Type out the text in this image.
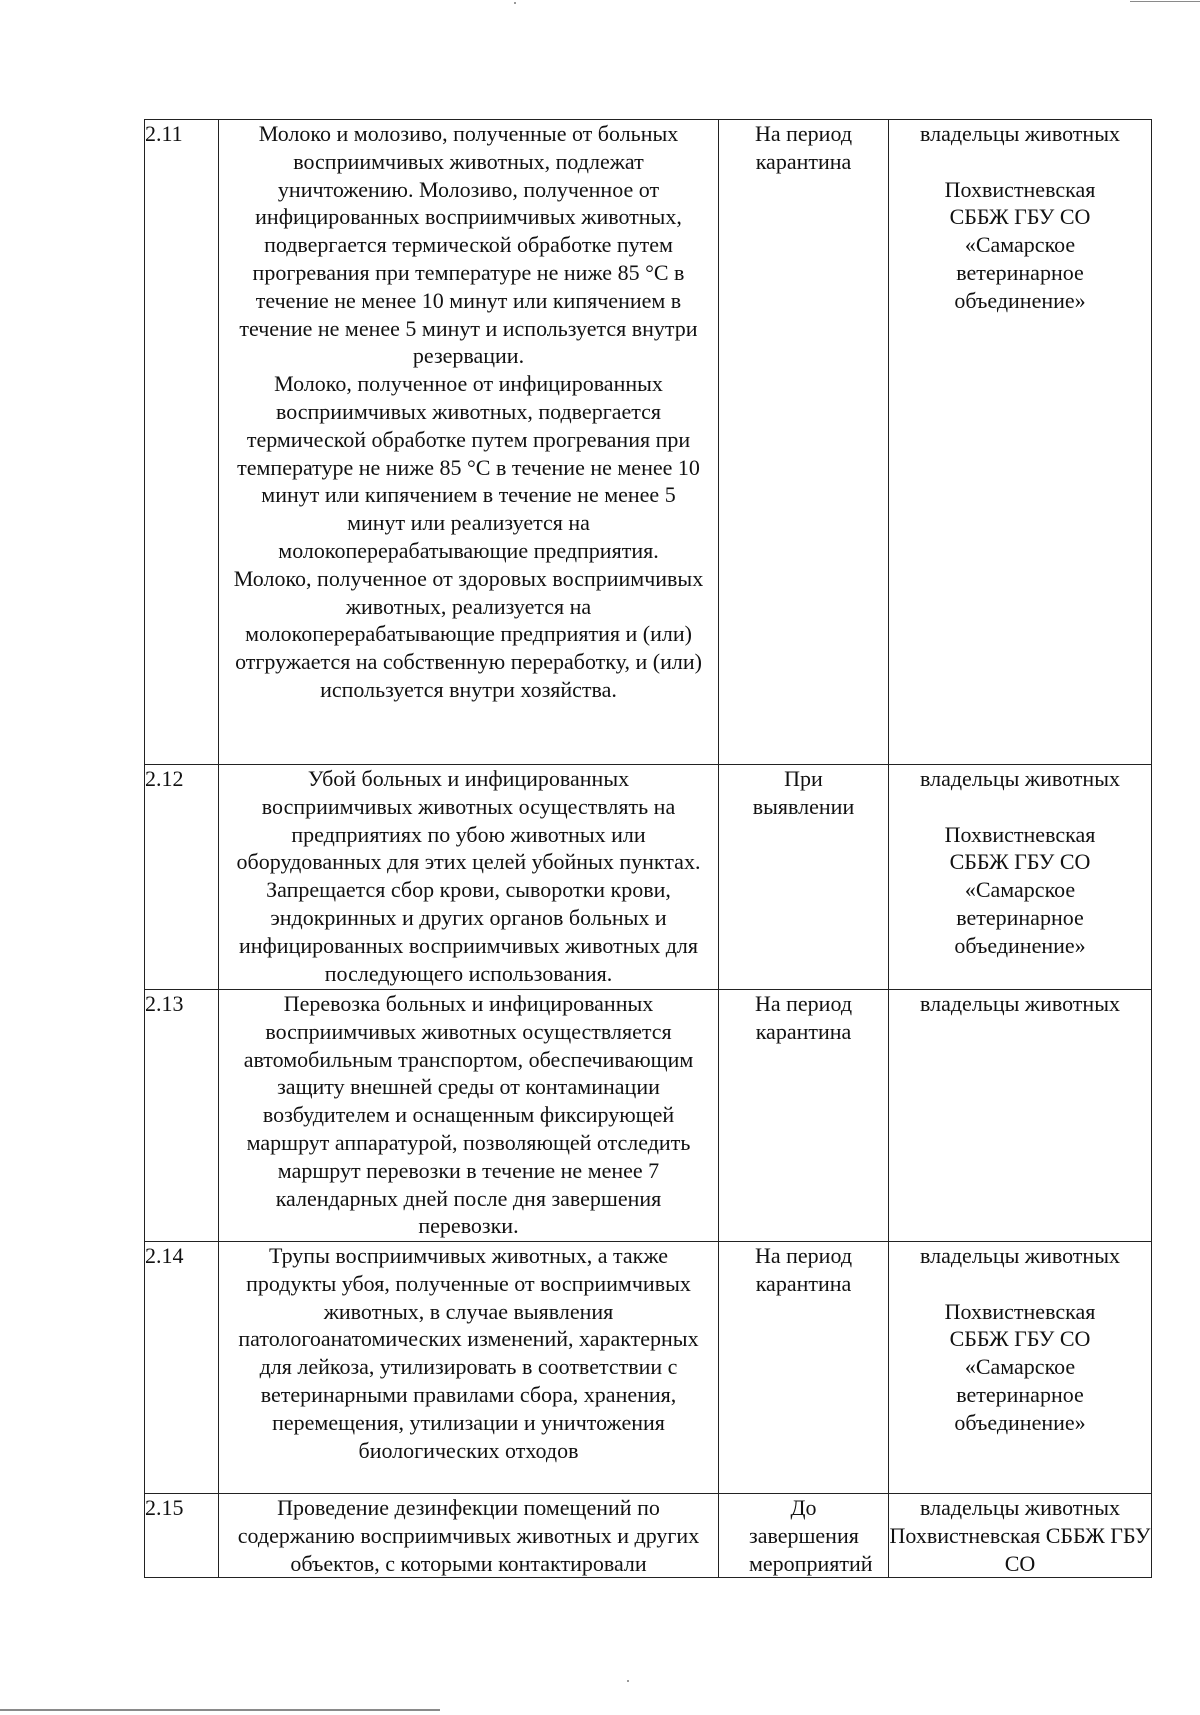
2.11	Молоко и молозиво, полученные от больных восприимчивых животных, подлежат уничтожению. Молозиво, полученное от инфицированных восприимчивых животных, подвергается термической обработке путем прогревания при температуре не ниже 85 °C в течение не менее 10 минут или кипячением в течение не менее 5 минут и используется внутри резервации.
Молоко, полученное от инфицированных восприимчивых животных, подвергается термической обработке путем прогревания при температуре не ниже 85 °C в течение не менее 10 минут или кипячением в течение не менее 5 минут или реализуется на молокоперерабатывающие предприятия.
Молоко, полученное от здоровых восприимчивых животных, реализуется на молокоперерабатывающие предприятия и (или) отгружается на собственную переработку, и (или) используется внутри хозяйства.	На период карантина	владельцы животных
Похвистневская СББЖ ГБУ СО «Самарское ветеринарное объединение»

2.12	Убой больных и инфицированных восприимчивых животных осуществлять на предприятиях по убою животных или оборудованных для этих целей убойных пунктах. Запрещается сбор крови, сыворотки крови, эндокринных и других органов больных и инфицированных восприимчивых животных для последующего использования.	При выявлении	владельцы животных
Похвистневская СББЖ ГБУ СО «Самарское ветеринарное объединение»

2.13	Перевозка больных и инфицированных восприимчивых животных осуществляется автомобильным транспортом, обеспечивающим защиту внешней среды от контаминации возбудителем и оснащенным фиксирующей маршрут аппаратурой, позволяющей отследить маршрут перевозки в течение не менее 7 календарных дней после дня завершения перевозки.	На период карантина	владельцы животных

2.14	Трупы восприимчивых животных, а также продукты убоя, полученные от восприимчивых животных, в случае выявления патологоанатомических изменений, характерных для лейкоза, утилизировать в соответствии с ветеринарными правилами сбора, хранения, перемещения, утилизации и уничтожения биологических отходов	На период карантина	владельцы животных
Похвистневская СББЖ ГБУ СО «Самарское ветеринарное объединение»

2.15	Проведение дезинфекции помещений по содержанию восприимчивых животных и других объектов, с которыми контактировали	До завершения мероприятий	владельцы животных
Похвистневская СББЖ ГБУ СО
